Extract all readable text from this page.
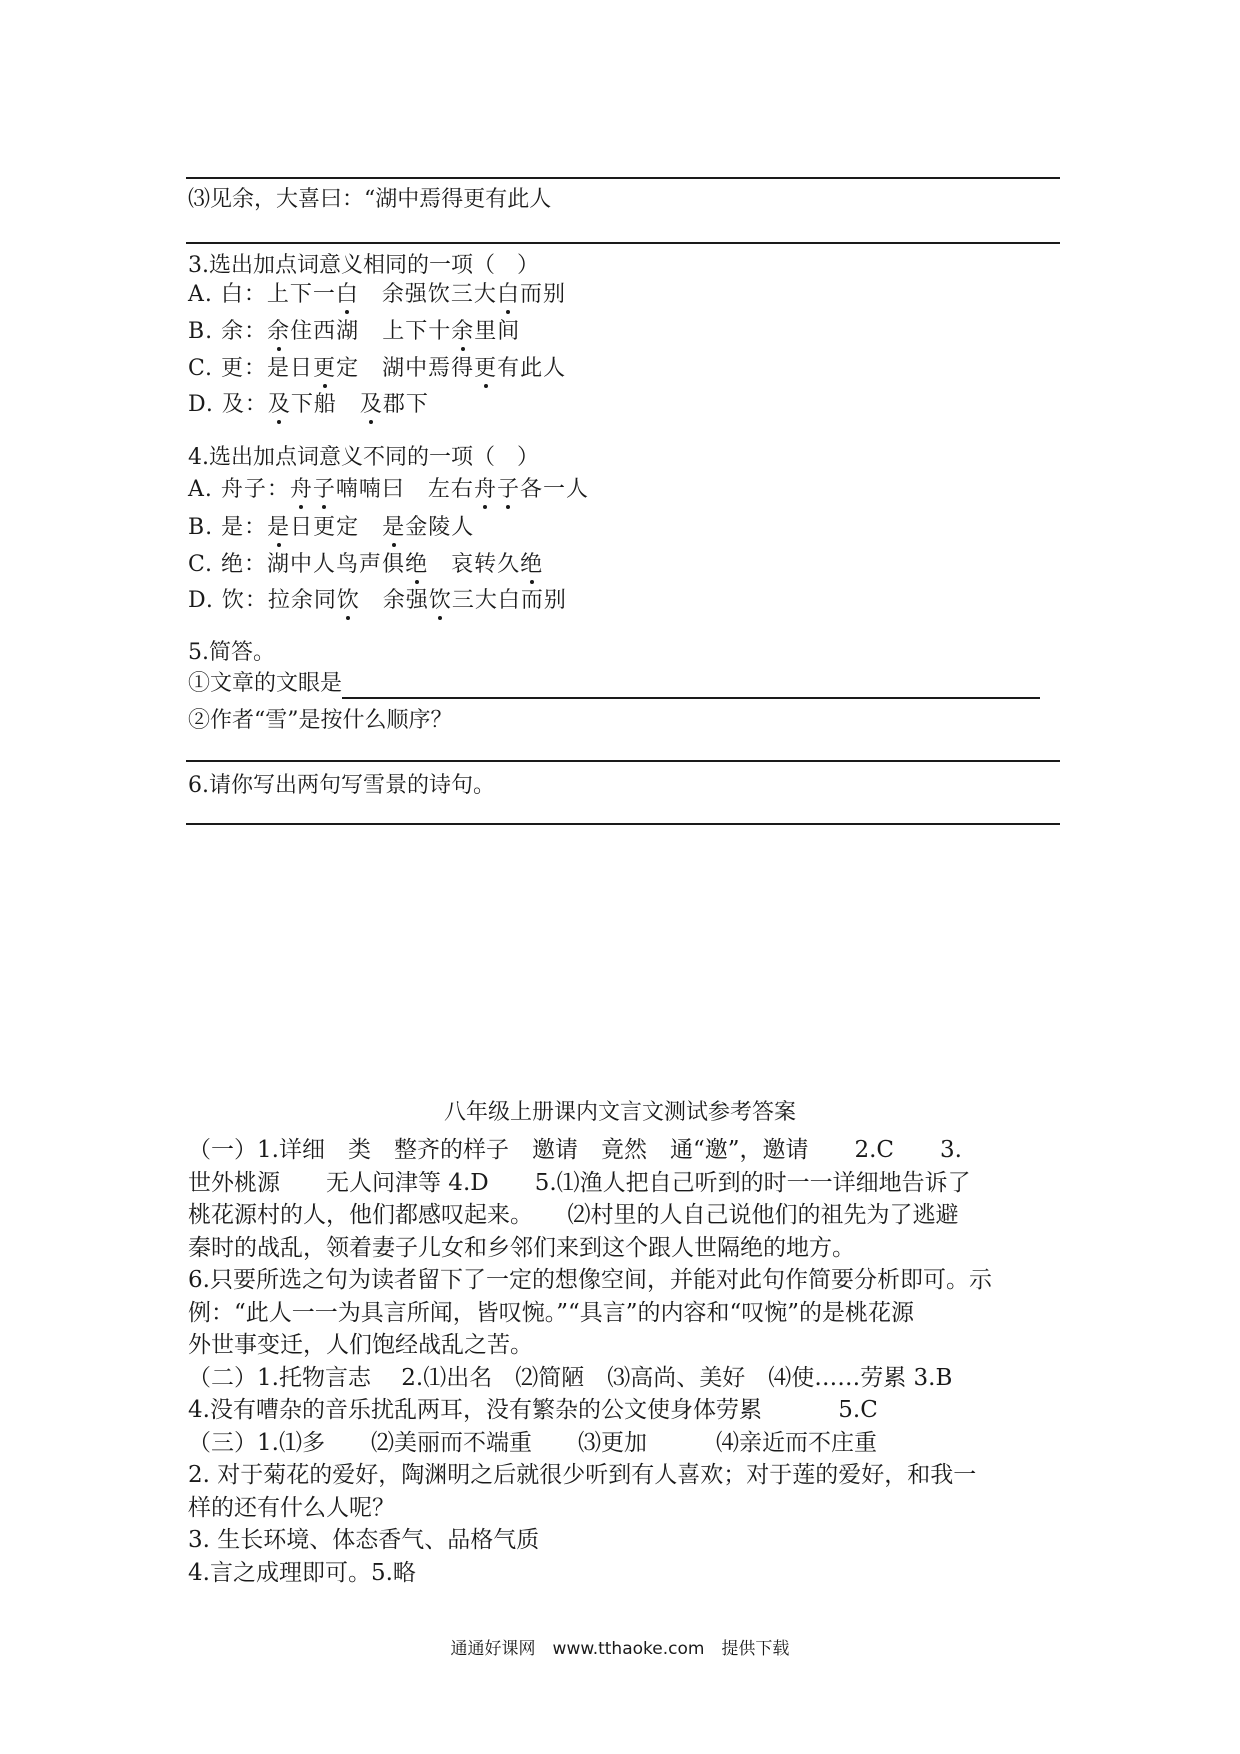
⑶见余，大喜曰：“湖中焉得更有此人
3.选出加点词意义相同的一项（　）
A. 白：上下一白　 余强饮三大白而别
B. 余：余住西湖　上下十余里间
C. 更：是日更定　湖中焉得更有此人
D. 及：及下船　及郡下
4.选出加点词意义不同的一项（　）
A. 舟子：舟子喃喃曰　左右舟子各一人
B. 是：是日更定　是金陵人
C. 绝：湖中人鸟声俱绝　 哀转久绝
D. 饮：拉余同饮　 余强饮三大白而别
5.简答。
①文章的文眼是
②作者“雪”是按什么顺序？
6.请你写出两句写雪景的诗句。
八年级上册课内文言文测试参考答案
（一）1.详细　类　整齐的样子　邀请　竟然　通“邀”，邀请　　2.C　　3.
世外桃源　　无人问津等 4.D　　5.⑴渔人把自己听到的时一一详细地告诉了
桃花源村的人，他们都感叹起来。　　⑵村里的人自己说他们的祖先为了逃避
秦时的战乱，领着妻子儿女和乡邻们来到这个跟人世隔绝的地方。
6.只要所选之句为读者留下了一定的想像空间，并能对此句作简要分析即可。示
例：“此人一一为具言所闻，皆叹惋。”“具言”的内容和“叹惋”的是桃花源
外世事变迁，人们饱经战乱之苦。
（二）1.托物言志　 2.⑴出名　⑵简陋　⑶高尚、美好　⑷使……劳累 3.B
4.没有嘈杂的音乐扰乱两耳，没有繁杂的公文使身体劳累　　　 5.C
（三）1.⑴多　　⑵美丽而不端重　　⑶更加　　　⑷亲近而不庄重
2. 对于菊花的爱好，陶渊明之后就很少听到有人喜欢；对于莲的爱好，和我一
样的还有什么人呢？
3. 生长环境、体态香气、品格气质
4.言之成理即可。5.略
通通好课网　www.tthaoke.com　提供下载
